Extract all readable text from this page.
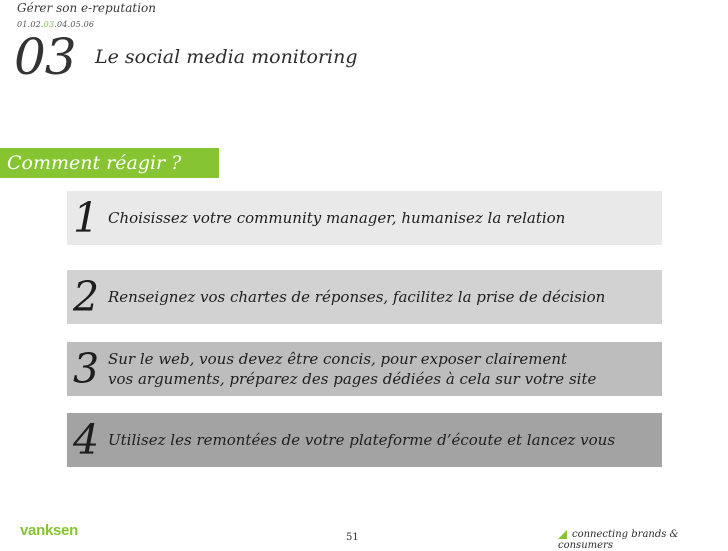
Gérer son e-reputation
01.02.03.04.05.06
03 Le social media monitoring
Comment réagir ?
1 Choisissez votre community manager, humanisez la relation
2 Renseignez vos chartes de réponses, facilitez la prise de décision
3 Sur le web, vous devez être concis, pour exposer clairement
vos arguments, préparez des pages dédiées à cela sur votre site
4 Utilisez les remontées de votre plateforme d’écoute et lancez vous
vanksen	51	connecting brands & consumers
